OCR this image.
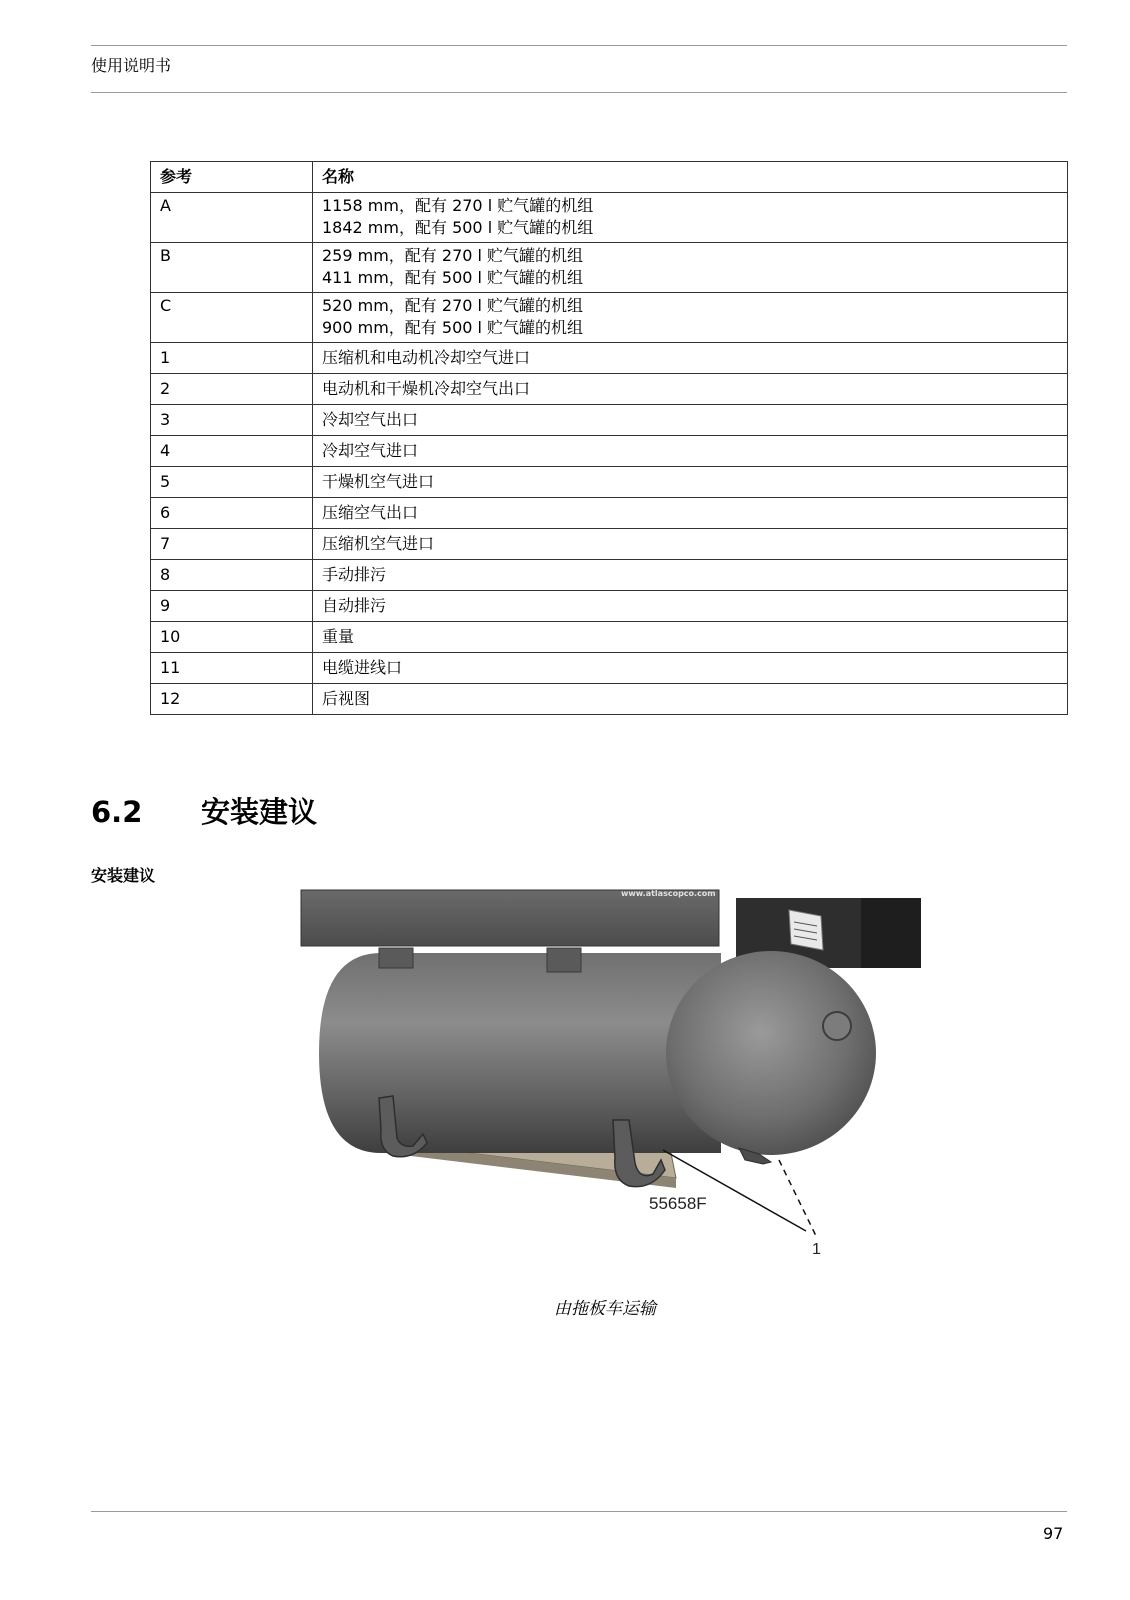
使用说明书
参考	名称
A	1158 mm，配有 270 l 贮气罐的机组
1842 mm，配有 500 l 贮气罐的机组

B	259 mm，配有 270 l 贮气罐的机组
411 mm，配有 500 l 贮气罐的机组

C	520 mm，配有 270 l 贮气罐的机组
900 mm，配有 500 l 贮气罐的机组

1	压缩机和电动机冷却空气进口

2	电动机和干燥机冷却空气出口

3	冷却空气出口

4	冷却空气进口

5	干燥机空气进口

6	压缩空气出口

7	压缩机空气进口

8	手动排污

9	自动排污

10	重量

11	电缆进线口

12	后视图
6.2 安装建议
安装建议
www.atlascopco.com
55658F
1
由拖板车运输
97
